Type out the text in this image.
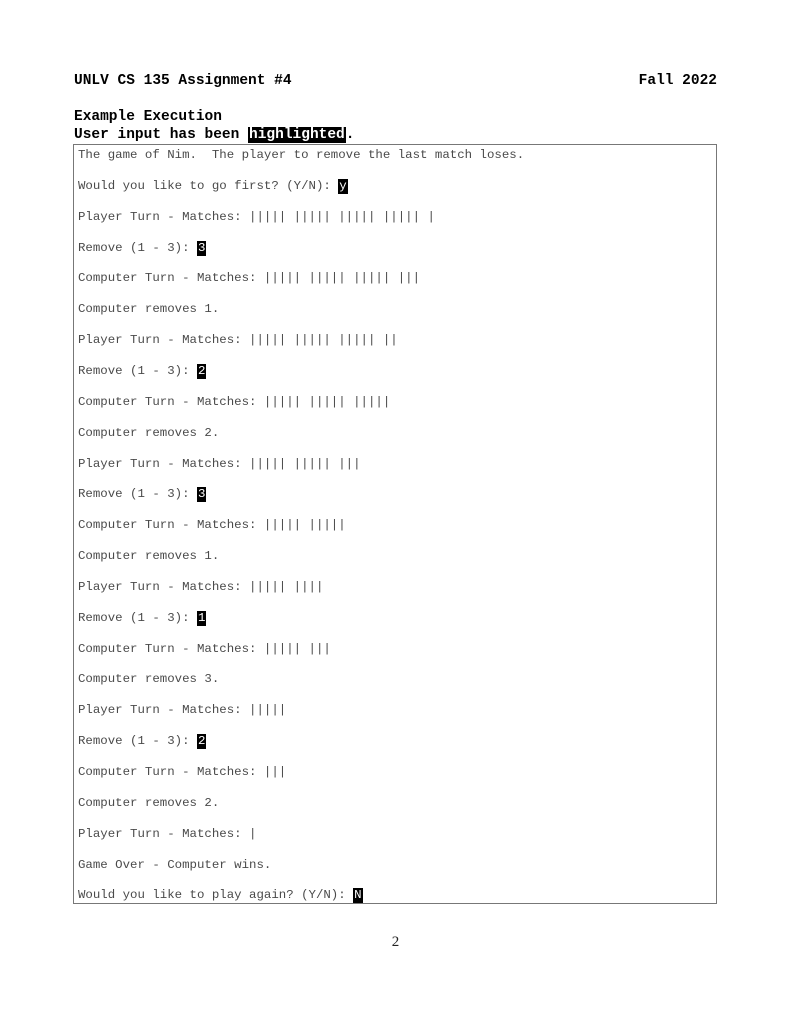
UNLV CS 135 Assignment #4	Fall 2022
Example Execution
User input has been highlighted.
The game of Nim.  The player to remove the last match loses.
Would you like to go first? (Y/N): y
Player Turn - Matches: ||||| ||||| ||||| ||||| |
Remove (1 - 3): 3
Computer Turn - Matches: ||||| ||||| ||||| |||
Computer removes 1.
Player Turn - Matches: ||||| ||||| ||||| ||
Remove (1 - 3): 2
Computer Turn - Matches: ||||| ||||| |||||
Computer removes 2.
Player Turn - Matches: ||||| ||||| |||
Remove (1 - 3): 3
Computer Turn - Matches: ||||| |||||
Computer removes 1.
Player Turn - Matches: ||||| ||||
Remove (1 - 3): 1
Computer Turn - Matches: ||||| |||
Computer removes 3.
Player Turn - Matches: |||||
Remove (1 - 3): 2
Computer Turn - Matches: |||
Computer removes 2.
Player Turn - Matches: |
Game Over - Computer wins.
Would you like to play again? (Y/N): N
2
